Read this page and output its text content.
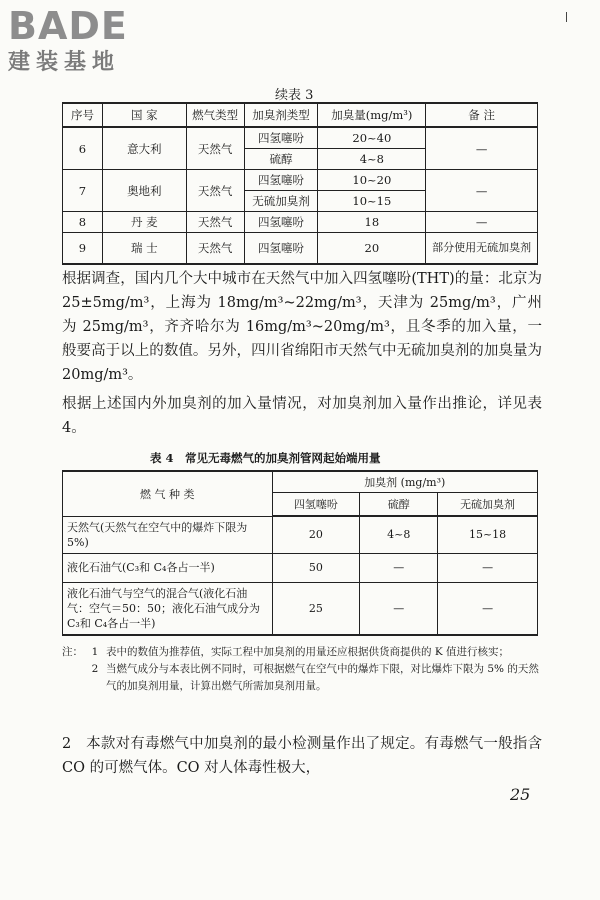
BADE
建装基地
续表 3
序号	国 家	燃气类型	加臭剂类型	加臭量(mg/m³)	备 注
6	意大利	天然气	四氢噻吩	20~40	—
			硫醇	4~8	
7	奥地利	天然气	四氢噻吩	10~20	—
			无硫加臭剂	10~15	
8	丹 麦	天然气	四氢噻吩	18	—
9	瑞 士	天然气	四氢噻吩	20	部分使用无硫加臭剂

根据调查，国内几个大中城市在天然气中加入四氢噻吩(THT)的量：北京为 25±5mg/m³，上海为 18mg/m³~22mg/m³，天津为 25mg/m³，广州为 25mg/m³，齐齐哈尔为 16mg/m³~20mg/m³，且冬季的加入量，一般要高于以上的数值。另外，四川省绵阳市天然气中无硫加臭剂的加臭量为 20mg/m³。

根据上述国内外加臭剂的加入量情况，对加臭剂加入量作出推论，详见表 4。

表 4　常见无毒燃气的加臭剂管网起始端用量
燃 气 种 类	加臭剂 (mg/m³)		
	四氢噻吩	硫醇	无硫加臭剂
天然气(天然气在空气中的爆炸下限为 5%)	20	4~8	15~18
液化石油气(C₃和 C₄各占一半)	50	—	—
液化石油气与空气的混合气(液化石油气：空气＝50：50；液化石油气成分为 C₃和 C₄各占一半)	25	—	—
注： 1 表中的数值为推荐值，实际工程中加臭剂的用量还应根据供货商提供的 K 值进行核实；
2 当燃气成分与本表比例不同时，可根据燃气在空气中的爆炸下限，对比爆炸下限为 5% 的天然气的加臭剂用量，计算出燃气所需加臭剂用量。

2　本款对有毒燃气中加臭剂的最小检测量作出了规定。有毒燃气一般指含 CO 的可燃气体。CO 对人体毒性极大，

25
